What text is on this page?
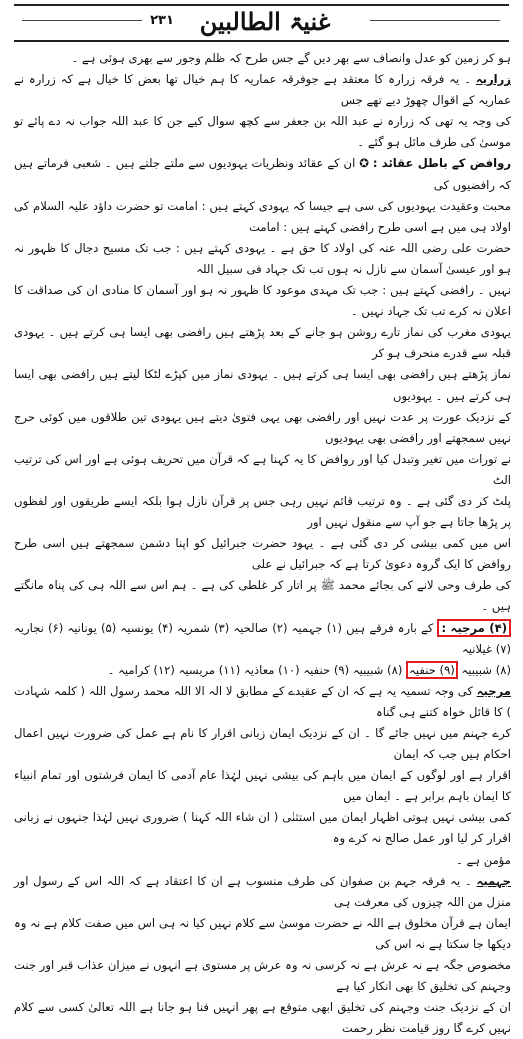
۲۳۱	غنیۃ الطالبین

ہو کر زمین کو عدل وانصاف سے بھر دیں گے جس طرح کہ ظلم وجور سے بھری ہوئی ہے ۔

زراریہ ۔ یہ فرقہ زرارہ کا معتقد ہے جوفرقہ عماریہ کا ہم خیال تھا بعض کا خیال ہے کہ زرارہ نے عماریہ کے اقوال چھوڑ دیے تھے جس

کی وجہ یہ تھی کہ زرارہ نے عبد اللہ بن جعفر سے کچھ سوال کیے جن کا عبد اللہ جواب نہ دے پائے تو موسیٰ کی طرف مائل ہو گئے ۔

روافض کے باطل عقائد : ✪ ان کے عقائد ونظریات یہودیوں سے ملتے جلتے ہیں ۔ شعبی فرماتے ہیں کہ رافضیوں کی

محبت وعقیدت یہودیوں کی سی ہے جیسا کہ یہودی کہتے ہیں : امامت تو حضرت داؤد علیہ السلام کی اولاد ہی میں ہے اسی طرح رافضی کہتے ہیں : امامت

حضرت علی رضی اللہ عنہ کی اولاد کا حق ہے ۔ یہودی کہتے ہیں : جب تک مسیح دجال کا ظہور نہ ہو اور عیسیٰ آسمان سے نازل نہ ہوں تب تک جہاد فی سبیل اللہ

نہیں ۔ رافضی کہتے ہیں : جب تک مہدی موعود کا ظہور نہ ہو اور آسمان کا منادی ان کی صداقت کا اعلان نہ کرے تب تک جہاد نہیں ۔

یہودی مغرب کی نماز تارے روشن ہو جانے کے بعد پڑھتے ہیں رافضی بھی ایسا ہی کرتے ہیں ۔ یہودی قبلہ سے قدرے منحرف ہو کر

نماز پڑھتے ہیں رافضی بھی ایسا ہی کرتے ہیں ۔ یہودی نماز میں کپڑے لٹکا لیتے ہیں رافضی بھی ایسا ہی کرتے ہیں ۔ یہودیوں

کے نزدیک عورت پر عدت نہیں اور رافضی بھی یہی فتویٰ دیتے ہیں یہودی تین طلاقوں میں کوئی حرج نہیں سمجھتے اور رافضی بھی یہودیوں

نے تورات میں تغیر وتبدل کیا اور روافض کا یہ کہنا ہے کہ قرآن میں تحریف ہوئی ہے اور اس کی ترتیب الٹ

پلٹ کر دی گئی ہے ۔ وہ ترتیب قائم نہیں رہی جس پر قرآن نازل ہوا بلکہ ایسے طریقوں اور لفظوں پر پڑھا جاتا ہے جو آپ سے منقول نہیں اور

اس میں کمی بیشی کر دی گئی ہے ۔ یہود حضرت جبرائیل کو اپنا دشمن سمجھتے ہیں اسی طرح روافض کا ایک گروہ دعویٰ کرتا ہے کہ جبرائیل نے علی

کی طرف وحی لانے کی بجائے محمد ﷺ پر اتار کر غلطی کی ہے ۔ ہم اس سے اللہ ہی کی پناہ مانگتے ہیں ۔

(۴) مرجیہ : کے بارہ فرقے ہیں (۱) جہمیہ (۲) صالحیہ (۳) شمریہ (۴) یونسیہ (۵) یونانیہ (۶) نجاریہ (۷) غیلانیہ

(۸) شبیبیہ (۹) حنفیہ (۸) شبیبیہ (۹) حنفیہ (۱۰) معاذیہ (۱۱) مریسیہ (۱۲) کرامیہ ۔

مرجیہ کی وجہ تسمیہ یہ ہے کہ ان کے عقیدے کے مطابق لا الہ الا اللہ محمد رسول اللہ ( کلمہ شہادت ) کا قائل خواہ کتنے ہی گناہ

کرے جہنم میں نہیں جائے گا ۔ ان کے نزدیک ایمان زبانی اقرار کا نام ہے عمل کی ضرورت نہیں اعمال احکام ہیں جب کہ ایمان

اقرار ہے اور لوگوں کے ایمان میں باہم کی بیشی نہیں لہٰذا عام آدمی کا ایمان فرشتوں اور تمام انبیاء کا ایمان باہم برابر ہے ۔ ایمان میں

کمی بیشی نہیں ہوتی اظہار ایمان میں استثنٰی ( ان شاء اللہ کہنا ) ضروری نہیں لہٰذا جنہوں نے زبانی اقرار کر لیا اور عمل صالح نہ کرے وہ

مؤمن ہے ۔

جہمیہ ۔ یہ فرقہ جہم بن صفوان کی طرف منسوب ہے ان کا اعتقاد ہے کہ اللہ اس کے رسول اور منزل من اللہ چیزوں کی معرفت ہی

ایمان ہے قرآن مخلوق ہے اللہ نے حضرت موسیٰ سے کلام نہیں کیا نہ ہی اس میں صفت کلام ہے نہ وہ دیکھا جا سکتا ہے نہ اس کی

مخصوص جگہ ہے نہ عرش ہے نہ کرسی نہ وہ عرش پر مستوی ہے انہوں نے میزان عذاب قبر اور جنت وجہنم کی تخلیق کا بھی انکار کیا ہے

ان کے نزدیک جنت وجہنم کی تخلیق ابھی متوقع ہے پھر انہیں فنا ہو جانا ہے اللہ تعالیٰ کسی سے کلام نہیں کرے گا روز قیامت نظر رحمت
